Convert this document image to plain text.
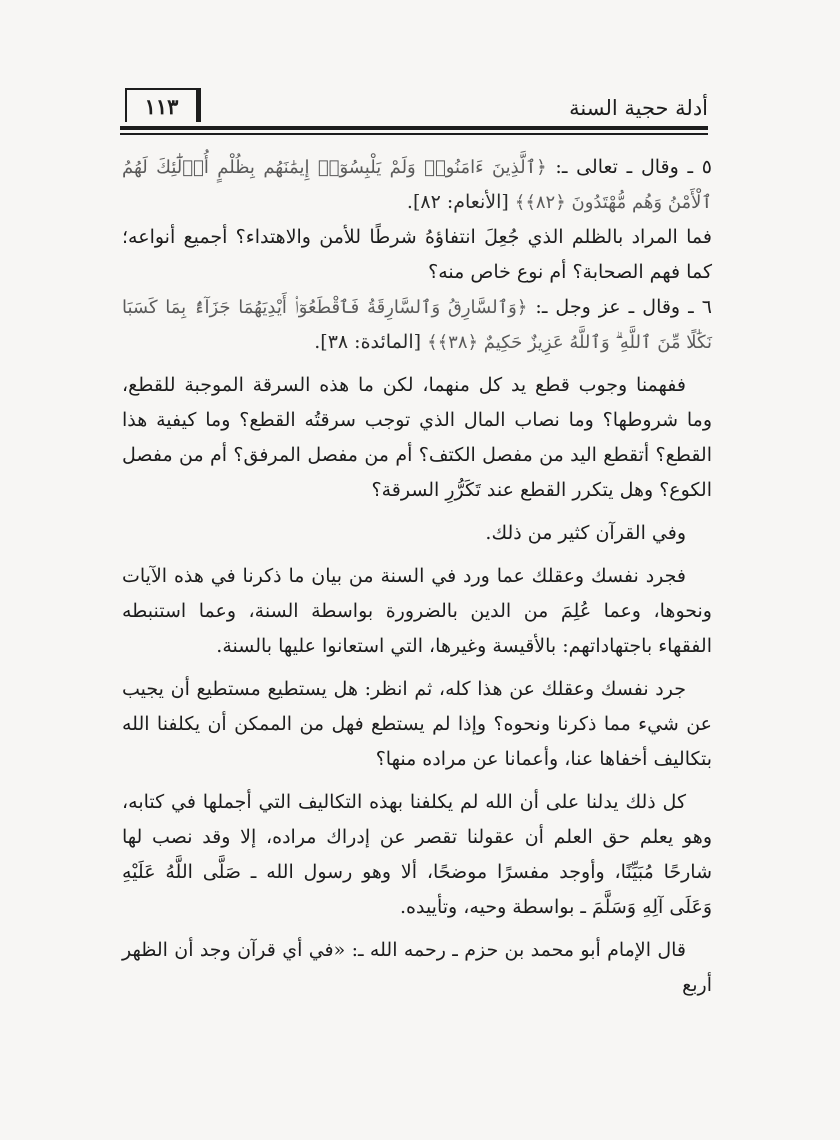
١١٣	أدلة حجية السنة

٥ ـ وقال ـ تعالى ـ: ﴿ٱلَّذِينَ ءَامَنُوا۟ وَلَمْ يَلْبِسُوٓا۟ إِيمَٰنَهُم بِظُلْمٍ أُو۟لَٰٓئِكَ لَهُمُ ٱلْأَمْنُ وَهُم مُّهْتَدُونَ ﴿٨٢﴾﴾ [الأنعام: ٨٢].

فما المراد بالظلم الذي جُعِلَ انتفاؤهُ شرطًا للأمن والاهتداء؟ أجميع أنواعه؛ كما فهم الصحابة؟ أم نوع خاص منه؟

٦ ـ وقال ـ عز وجل ـ: ﴿وَٱلسَّارِقُ وَٱلسَّارِقَةُ فَٱقْطَعُوٓا۟ أَيْدِيَهُمَا جَزَآءًۢ بِمَا كَسَبَا نَكَٰلًا مِّنَ ٱللَّهِ ۗ وَٱللَّهُ عَزِيزٌ حَكِيمٌ ﴿٣٨﴾﴾ [المائدة: ٣٨].

ففهمنا وجوب قطع يد كل منهما، لكن ما هذه السرقة الموجبة للقطع، وما شروطها؟ وما نصاب المال الذي توجب سرقتُه القطع؟ وما كيفية هذا القطع؟ أتقطع اليد من مفصل الكتف؟ أم من مفصل المرفق؟ أم من مفصل الكوع؟ وهل يتكرر القطع عند تَكَرُّرِ السرقة؟

وفي القرآن كثير من ذلك.

فجرد نفسك وعقلك عما ورد في السنة من بيان ما ذكرنا في هذه الآيات ونحوها، وعما عُلِمَ من الدين بالضرورة بواسطة السنة، وعما استنبطه الفقهاء باجتهاداتهم: بالأقيسة وغيرها، التي استعانوا عليها بالسنة.

جرد نفسك وعقلك عن هذا كله، ثم انظر: هل يستطيع مستطيع أن يجيب عن شيء مما ذكرنا ونحوه؟ وإذا لم يستطع فهل من الممكن أن يكلفنا الله بتكاليف أخفاها عنا، وأعمانا عن مراده منها؟

كل ذلك يدلنا على أن الله لم يكلفنا بهذه التكاليف التي أجملها في كتابه، وهو يعلم حق العلم أن عقولنا تقصر عن إدراك مراده، إلا وقد نصب لها شارحًا مُبَيِّنًا، وأوجد مفسرًا موضحًا، ألا وهو رسول الله ـ صَلَّى اللَّهُ عَلَيْهِ وَعَلَى آلِهِ وَسَلَّمَ ـ بواسطة وحيه، وتأييده.

قال الإمام أبو محمد بن حزم ـ رحمه الله ـ: «في أي قرآن وجد أن الظهر أربع
